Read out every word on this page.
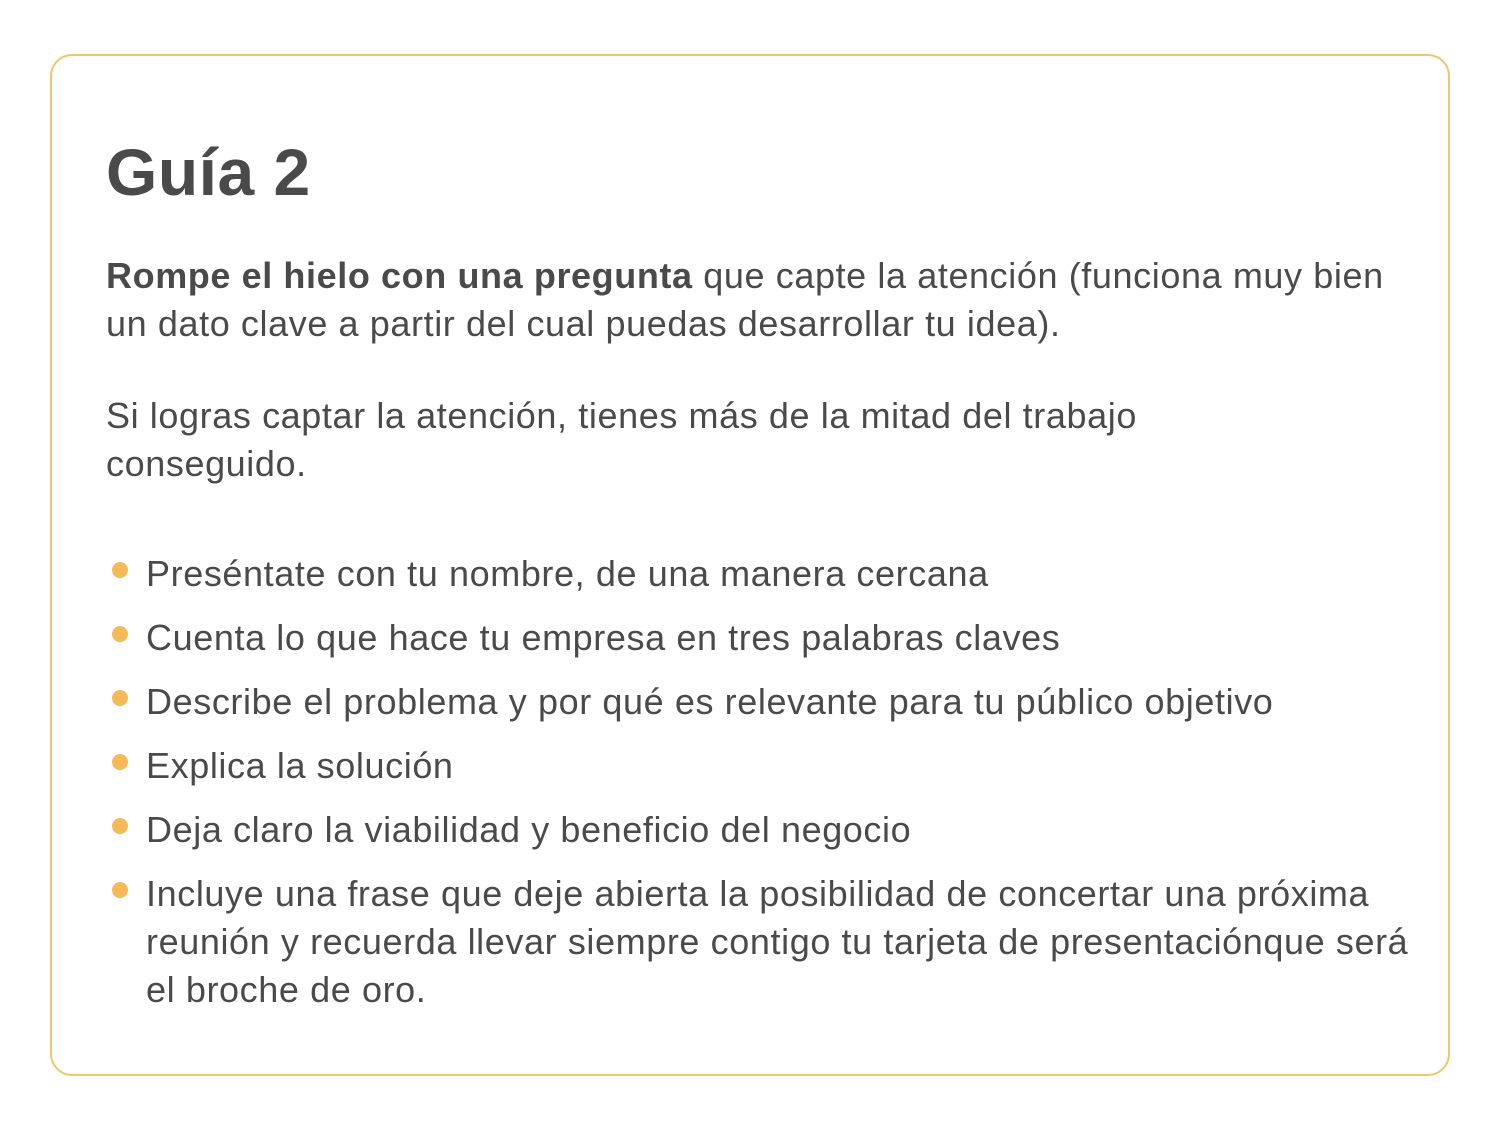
Guía 2

Rompe el hielo con una pregunta que capte la atención (funciona muy bien un dato clave a partir del cual puedas desarrollar tu idea).

Si logras captar la atención, tienes más de la mitad del trabajo conseguido.

Preséntate con tu nombre, de una manera cercana
Cuenta lo que hace tu empresa en tres palabras claves
Describe el problema y por qué es relevante para tu público objetivo
Explica la solución
Deja claro la viabilidad y beneficio del negocio
Incluye una frase que deje abierta la posibilidad de concertar una próxima reunión y recuerda llevar siempre contigo tu tarjeta de presentaciónque será el broche de oro.
